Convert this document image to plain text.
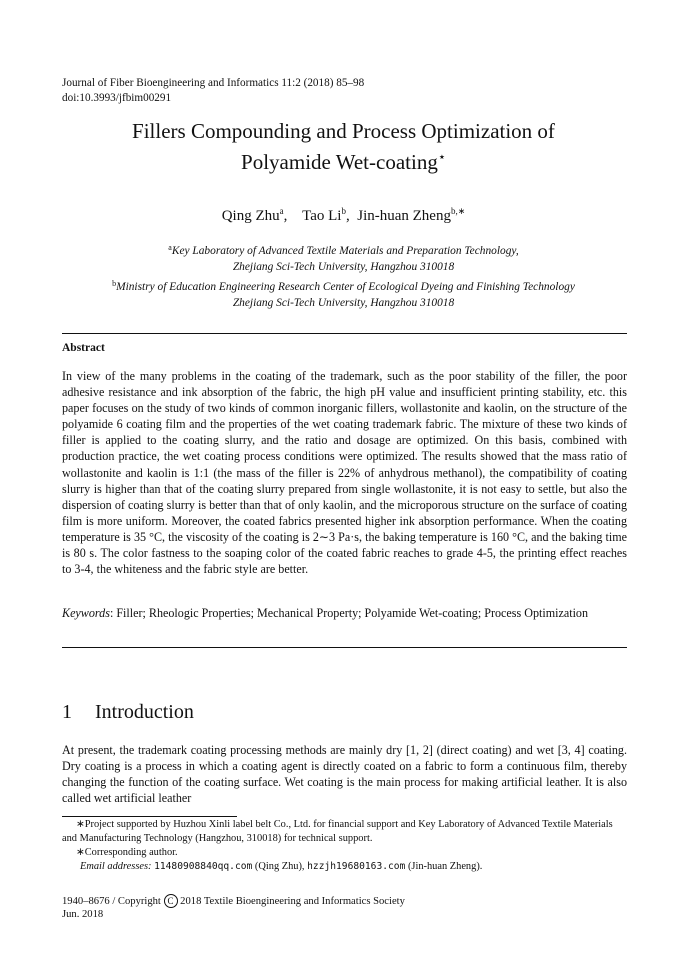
Journal of Fiber Bioengineering and Informatics 11:2 (2018) 85–98
doi:10.3993/jfbim00291
Fillers Compounding and Process Optimization of
Polyamide Wet-coating⋆
Qing Zhu$^a$,    Tao Li$^b$,  Jin-huan Zheng$^{b,∗}$
$^a$Key Laboratory of Advanced Textile Materials and Preparation Technology,
Zhejiang Sci-Tech University, Hangzhou 310018
$^b$Ministry of Education Engineering Research Center of Ecological Dyeing and Finishing Technology
Zhejiang Sci-Tech University, Hangzhou 310018
Abstract
In view of the many problems in the coating of the trademark, such as the poor stability of the filler, the poor adhesive resistance and ink absorption of the fabric, the high pH value and insufficient printing stability, etc. this paper focuses on the study of two kinds of common inorganic fillers, wollastonite and kaolin, on the structure of the polyamide 6 coating film and the properties of the wet coating trademark fabric. The mixture of these two kinds of filler is applied to the coating slurry, and the ratio and dosage are optimized. On this basis, combined with production practice, the wet coating process conditions were optimized. The results showed that the mass ratio of wollastonite and kaolin is 1:1 (the mass of the filler is 22% of anhydrous methanol), the compatibility of coating slurry is higher than that of the coating slurry prepared from single wollastonite, it is not easy to settle, but also the dispersion of coating slurry is better than that of only kaolin, and the microporous structure on the surface of coating film is more uniform. Moreover, the coated fabrics presented higher ink absorption performance. When the coating temperature is 35 °C, the viscosity of the coating is 2∼3 Pa·s, the baking temperature is 160 °C, and the baking time is 80 s. The color fastness to the soaping color of the coated fabric reaches to grade 4-5, the printing effect reaches to 3-4, the whiteness and the fabric style are better.
Keywords: Filler; Rheologic Properties; Mechanical Property; Polyamide Wet-coating; Process Optimization
1 Introduction
At present, the trademark coating processing methods are mainly dry [1, 2] (direct coating) and wet [3, 4] coating. Dry coating is a process in which a coating agent is directly coated on a fabric to form a continuous film, thereby changing the function of the coating surface. Wet coating is the main process for making artificial leather. It is also called wet artificial leather
∗Project supported by Huzhou Xinli label belt Co., Ltd. for financial support and Key Laboratory of Advanced Textile Materials and Manufacturing Technology (Hangzhou, 310018) for technical support.
∗Corresponding author.
Email addresses: 11480908840qq.com (Qing Zhu), hzzjh19680163.com (Jin-huan Zheng).
1940–8676 / Copyright C 2018 Textile Bioengineering and Informatics Society
Jun. 2018
